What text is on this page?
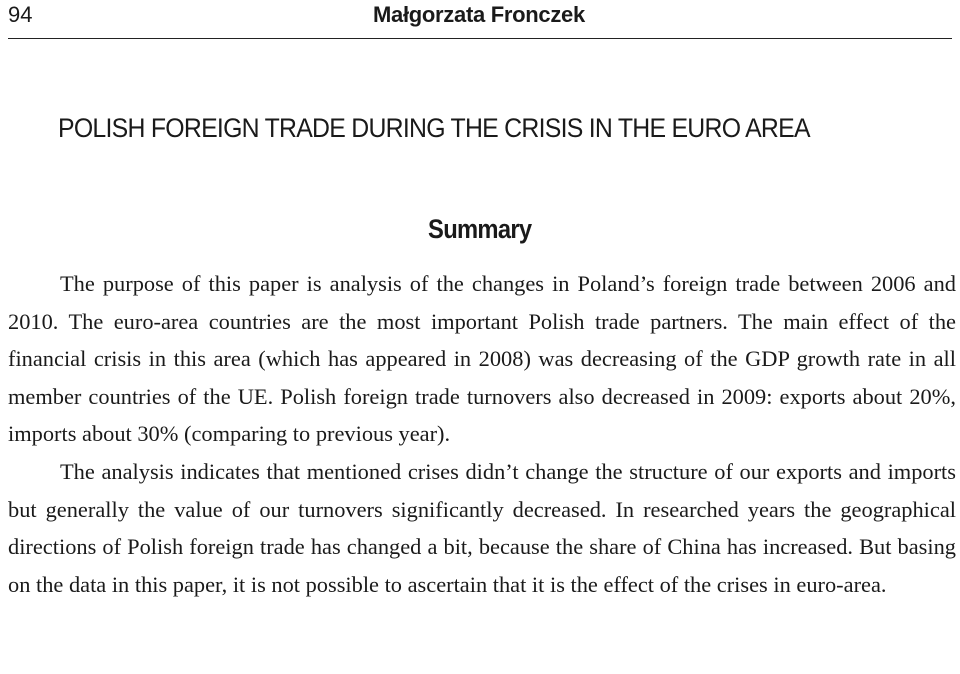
94	Małgorzata Fronczek
POLISH FOREIGN TRADE DURING THE CRISIS IN THE EURO AREA
Summary

The purpose of this paper is analysis of the changes in Poland’s foreign trade between 2006 and 2010. The euro-area countries are the most important Polish trade partners. The main effect of the financial crisis in this area (which has appeared in 2008) was decreasing of the GDP growth rate in all member countries of the UE. Polish foreign trade turnovers also decreased in 2009: exports about 20%, imports about 30% (comparing to previous year).

The analysis indicates that mentioned crises didn’t change the structure of our exports and imports but generally the value of our turnovers significantly decreased. In researched years the geographical directions of Polish foreign trade has changed a bit, because the share of China has increased. But basing on the data in this paper, it is not possible to ascertain that it is the effect of the crises in euro-area.
